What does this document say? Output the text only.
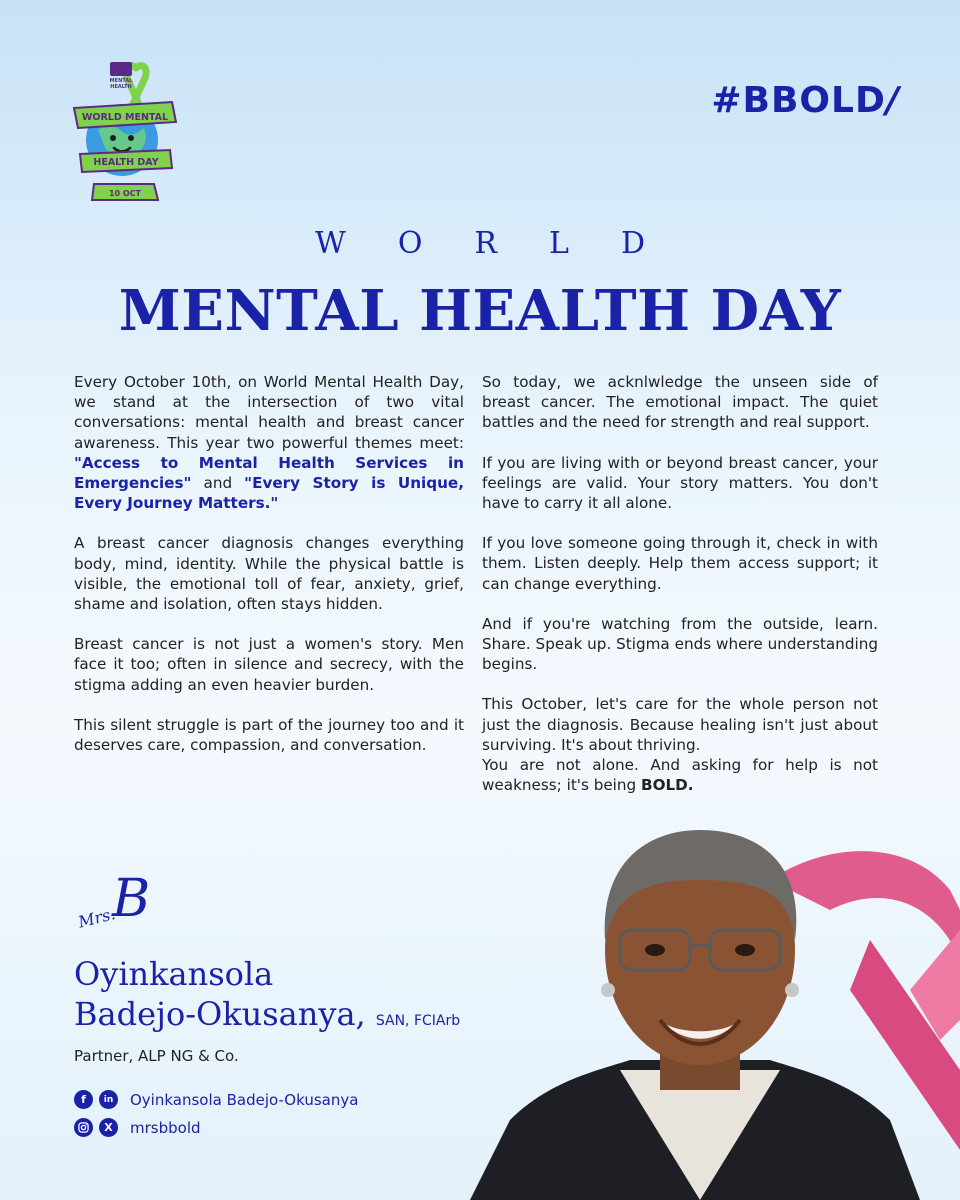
MENTAL
HEALTH
WORLD MENTAL
HEALTH DAY
10 OCT
#BBOLD/
WORLD
MENTAL HEALTH DAY

Every October 10th, on World Mental Health Day, we stand at the intersection of two vital conversations: mental health and breast cancer awareness. This year two powerful themes meet: "Access to Mental Health Services in Emergencies" and "Every Story is Unique, Every Journey Matters."

A breast cancer diagnosis changes everything body, mind, identity. While the physical battle is visible, the emotional toll of fear, anxiety, grief, shame and isolation, often stays hidden.

Breast cancer is not just a women's story. Men face it too; often in silence and secrecy, with the stigma adding an even heavier burden.

This silent struggle is part of the journey too and it deserves care, compassion, and conversation.

So today, we acknlwledge the unseen side of breast cancer. The emotional impact. The quiet battles and the need for strength and real support.

If you are living with or beyond breast cancer, your feelings are valid. Your story matters. You don't have to carry it all alone.

If you love someone going through it, check in with them. Listen deeply. Help them access support; it can change everything.

And if you're watching from the outside, learn. Share. Speak up. Stigma ends where understanding begins.

This October, let's care for the whole person not just the diagnosis. Because healing isn't just about surviving. It's about thriving.

You are not alone. And asking for help is not weakness; it's being BOLD.

Mrs.
B
Oyinkansola
Badejo-Okusanya, SAN, FCIArb
Partner, ALP NG & Co.
f	in	Oyinkansola Badejo-Okusanya
X	mrsbbold
